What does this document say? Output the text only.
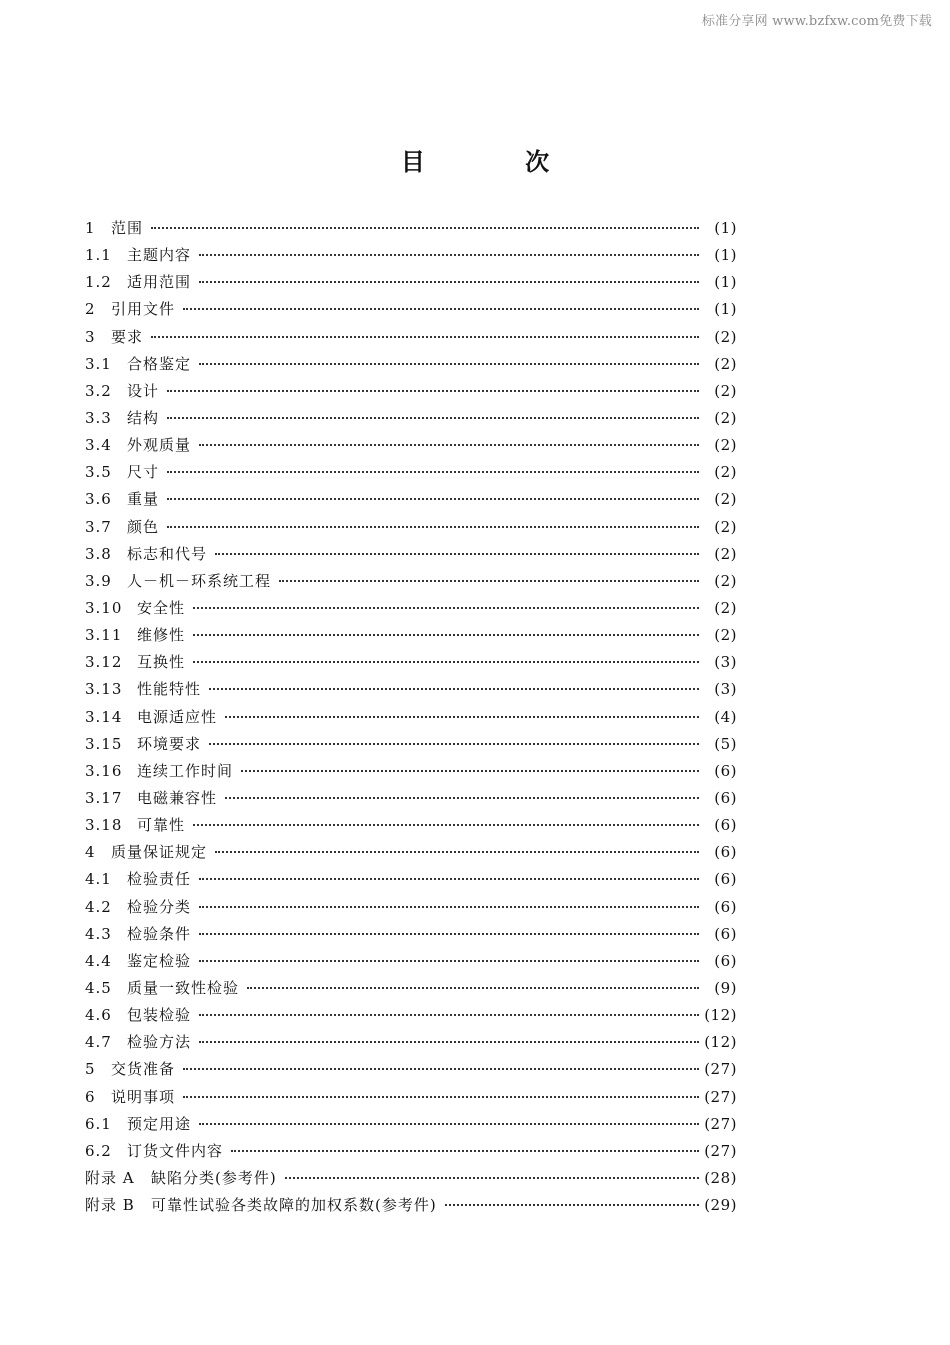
标准分享网 www.bzfxw.com免费下载
目 次
1	范围	(1)
1.1	主题内容	(1)
1.2	适用范围	(1)
2	引用文件	(1)
3	要求	(2)
3.1	合格鉴定	(2)
3.2	设计	(2)
3.3	结构	(2)
3.4	外观质量	(2)
3.5	尺寸	(2)
3.6	重量	(2)
3.7	颜色	(2)
3.8	标志和代号	(2)
3.9	人－机－环系统工程	(2)
3.10 安全性	(2)
3.11 维修性	(2)
3.12 互换性	(3)
3.13 性能特性	(3)
3.14 电源适应性	(4)
3.15 环境要求	(5)
3.16 连续工作时间	(6)
3.17 电磁兼容性	(6)
3.18 可靠性	(6)
4	质量保证规定	(6)
4.1	检验责任	(6)
4.2	检验分类	(6)
4.3	检验条件	(6)
4.4	鉴定检验	(6)
4.5	质量一致性检验	(9)
4.6	包装检验	(12)
4.7	检验方法	(12)
5	交货准备	(27)
6	说明事项	(27)
6.1	预定用途	(27)
6.2	订货文件内容	(27)
附录 A	缺陷分类(参考件)	(28)
附录 B	可靠性试验各类故障的加权系数(参考件)	(29)
